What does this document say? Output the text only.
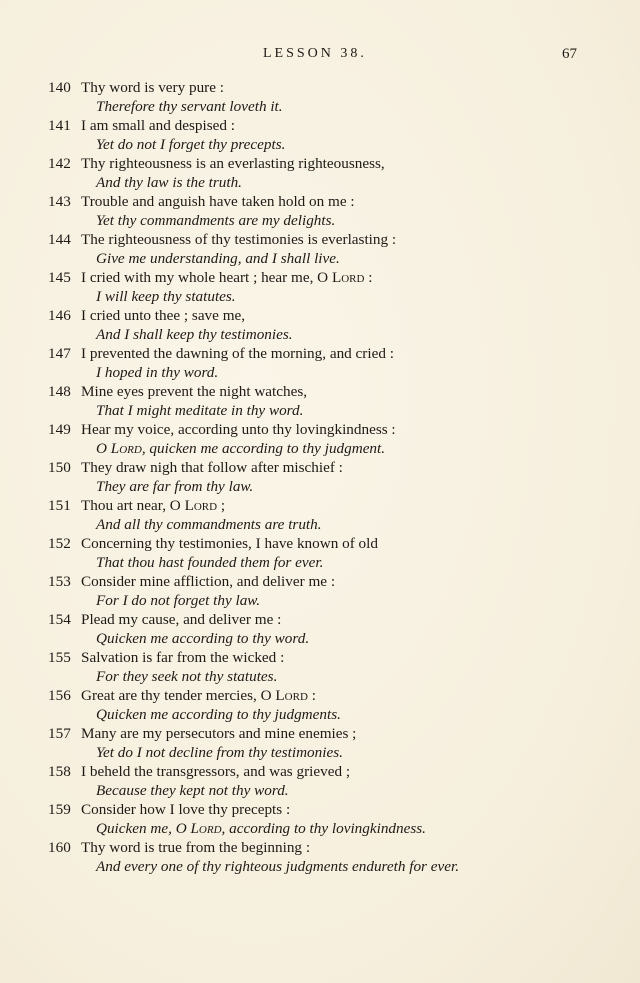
LESSON 38.	67
140 Thy word is very pure :
Therefore thy servant loveth it.
141 I am small and despised :
Yet do not I forget thy precepts.
142 Thy righteousness is an everlasting righteousness,
And thy law is the truth.
143 Trouble and anguish have taken hold on me :
Yet thy commandments are my delights.
144 The righteousness of thy testimonies is everlasting :
Give me understanding, and I shall live.
145 I cried with my whole heart ; hear me, O Lord :
I will keep thy statutes.
146 I cried unto thee ; save me,
And I shall keep thy testimonies.
147 I prevented the dawning of the morning, and cried :
I hoped in thy word.
148 Mine eyes prevent the night watches,
That I might meditate in thy word.
149 Hear my voice, according unto thy lovingkindness :
O Lord, quicken me according to thy judgment.
150 They draw nigh that follow after mischief :
They are far from thy law.
151 Thou art near, O Lord ;
And all thy commandments are truth.
152 Concerning thy testimonies, I have known of old
That thou hast founded them for ever.
153 Consider mine affliction, and deliver me :
For I do not forget thy law.
154 Plead my cause, and deliver me :
Quicken me according to thy word.
155 Salvation is far from the wicked :
For they seek not thy statutes.
156 Great are thy tender mercies, O Lord :
Quicken me according to thy judgments.
157 Many are my persecutors and mine enemies ;
Yet do I not decline from thy testimonies.
158 I beheld the transgressors, and was grieved ;
Because they kept not thy word.
159 Consider how I love thy precepts :
Quicken me, O Lord, according to thy lovingkindness.
160 Thy word is true from the beginning :
And every one of thy righteous judgments endureth for ever.
